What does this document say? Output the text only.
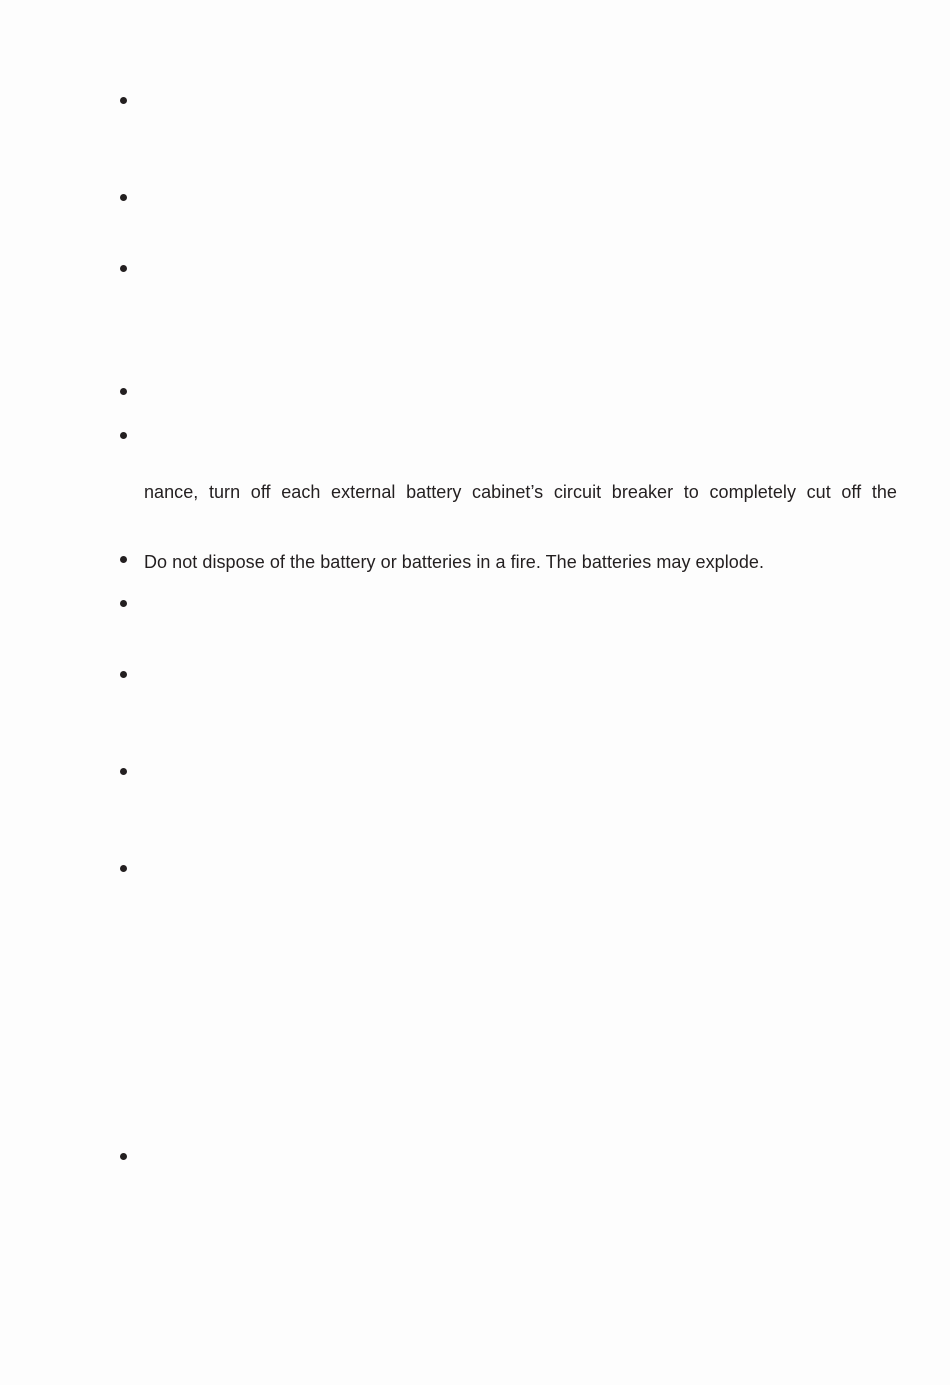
nance, turn off each external battery cabinet’s circuit breaker to completely cut off the
Do not dispose of the battery or batteries in a fire. The batteries may explode.
